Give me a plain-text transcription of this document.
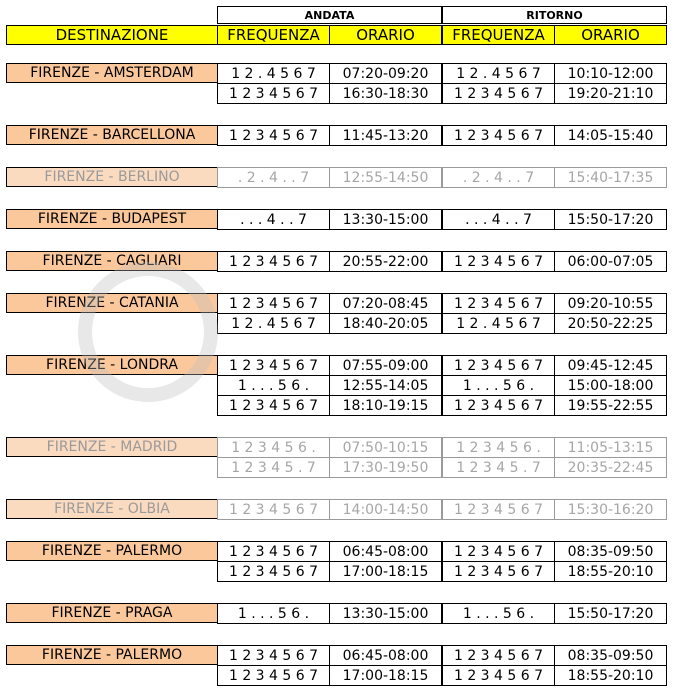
ANDATA	RITORNO
DESTINAZIONE	FREQUENZA	ORARIO	FREQUENZA	ORARIO
FIRENZE - AMSTERDAM	1 2 . 4 5 6 7	07:20-09:20	1 2 . 4 5 6 7	10:10-12:00
1 2 3 4 5 6 7	16:30-18:30	1 2 3 4 5 6 7	19:20-21:10
FIRENZE - BARCELLONA	1 2 3 4 5 6 7	11:45-13:20	1 2 3 4 5 6 7	14:05-15:40
FIRENZE - BERLINO	. 2 . 4 . . 7	12:55-14:50	. 2 . 4 . . 7	15:40-17:35
FIRENZE - BUDAPEST	. . . 4 . . 7	13:30-15:00	. . . 4 . . 7	15:50-17:20
FIRENZE - CAGLIARI	1 2 3 4 5 6 7	20:55-22:00	1 2 3 4 5 6 7	06:00-07:05
FIRENZE - CATANIA	1 2 3 4 5 6 7	07:20-08:45	1 2 3 4 5 6 7	09:20-10:55
1 2 . 4 5 6 7	18:40-20:05	1 2 . 4 5 6 7	20:50-22:25
FIRENZE - LONDRA	1 2 3 4 5 6 7	07:55-09:00	1 2 3 4 5 6 7	09:45-12:45
1 . . . 5 6 .	12:55-14:05	1 . . . 5 6 .	15:00-18:00
1 2 3 4 5 6 7	18:10-19:15	1 2 3 4 5 6 7	19:55-22:55
FIRENZE - MADRID	1 2 3 4 5 6 .	07:50-10:15	1 2 3 4 5 6 .	11:05-13:15
1 2 3 4 5 . 7	17:30-19:50	1 2 3 4 5 . 7	20:35-22:45
FIRENZE - OLBIA	1 2 3 4 5 6 7	14:00-14:50	1 2 3 4 5 6 7	15:30-16:20
FIRENZE - PALERMO	1 2 3 4 5 6 7	06:45-08:00	1 2 3 4 5 6 7	08:35-09:50
1 2 3 4 5 6 7	17:00-18:15	1 2 3 4 5 6 7	18:55-20:10
FIRENZE - PRAGA	1 . . . 5 6 .	13:30-15:00	1 . . . 5 6 .	15:50-17:20
FIRENZE - PALERMO	1 2 3 4 5 6 7	06:45-08:00	1 2 3 4 5 6 7	08:35-09:50
1 2 3 4 5 6 7	17:00-18:15	1 2 3 4 5 6 7	18:55-20:10
